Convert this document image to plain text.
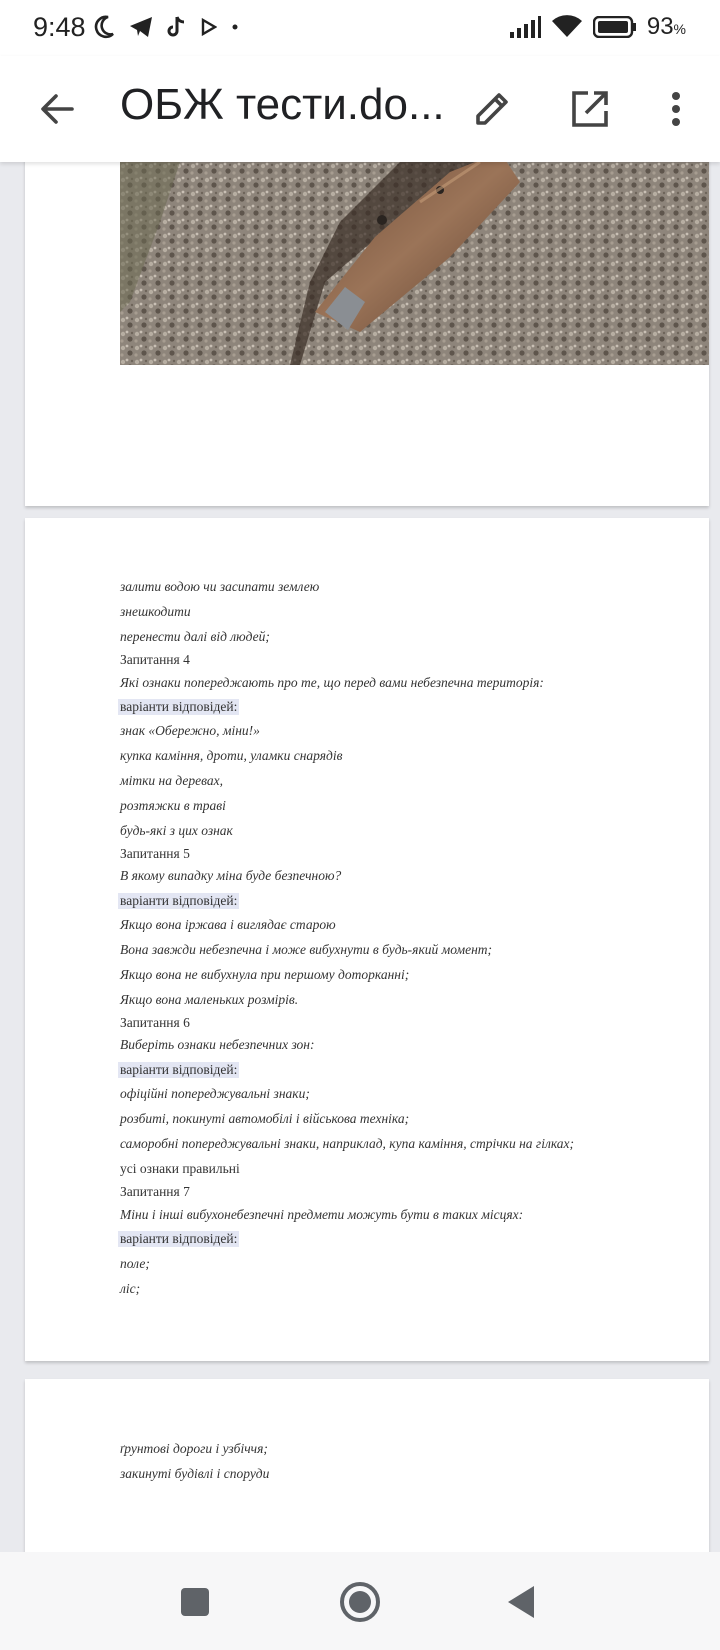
9:48	93%
ОБЖ тести.do...
залити водою чи засипати землею
знешкодити
перенести далі від людей;
Запитання 4
Які ознаки попереджають про те, що перед вами небезпечна територія:
варіанти відповідей:
знак «Обережно, міни!»
купка каміння, дроти, уламки снарядів
мітки на деревах,
розтяжки в траві
будь-які з цих ознак
Запитання 5
В якому випадку міна буде безпечною?
варіанти відповідей:
Якщо вона іржава і виглядає старою
Вона завжди небезпечна і може вибухнути в будь-який момент;
Якщо вона не вибухнула при першому доторканні;
Якщо вона маленьких розмірів.
Запитання 6
Виберіть ознаки небезпечних зон:
варіанти відповідей:
офіційні попереджувальні знаки;
розбиті, покинуті автомобілі і військова техніка;
саморобні попереджувальні знаки, наприклад, купа каміння, стрічки на гілках;
усі ознаки правильні
Запитання 7
Міни і інші вибухонебезпечні предмети можуть бути в таких місцях:
варіанти відповідей:
поле;
ліс;
ґрунтові дороги і узбіччя;
закинуті будівлі і споруди
